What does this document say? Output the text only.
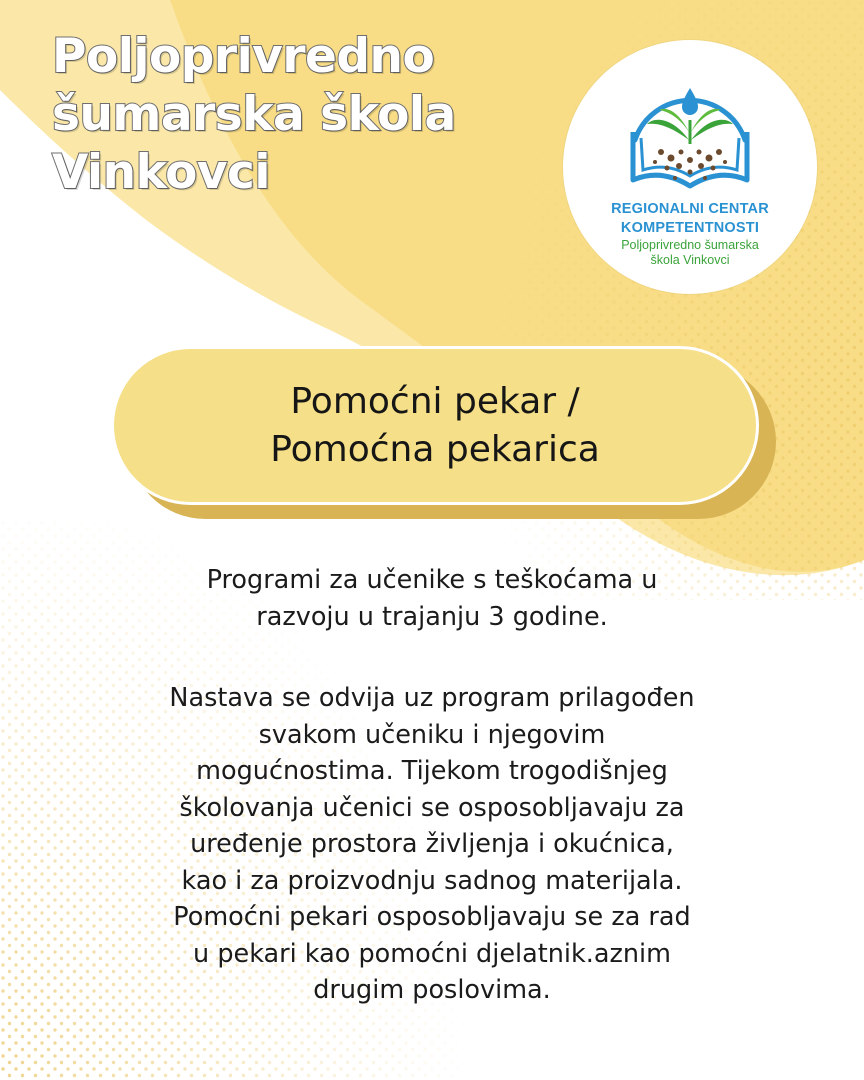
Poljoprivredno
šumarska škola
Vinkovci
REGIONALNI CENTAR
KOMPETENTNOSTI
Poljoprivredno šumarska
škola Vinkovci
Pomoćni pekar /
Pomoćna pekarica
Programi za učenike s teškoćama u
razvoju u trajanju 3 godine.
Nastava se odvija uz program prilagođen
svakom učeniku i njegovim
mogućnostima. Tijekom trogodišnjeg
školovanja učenici se osposobljavaju za
uređenje prostora življenja i okućnica,
kao i za proizvodnju sadnog materijala.
Pomoćni pekari osposobljavaju se za rad
u pekari kao pomoćni djelatnik.aznim
drugim poslovima.
